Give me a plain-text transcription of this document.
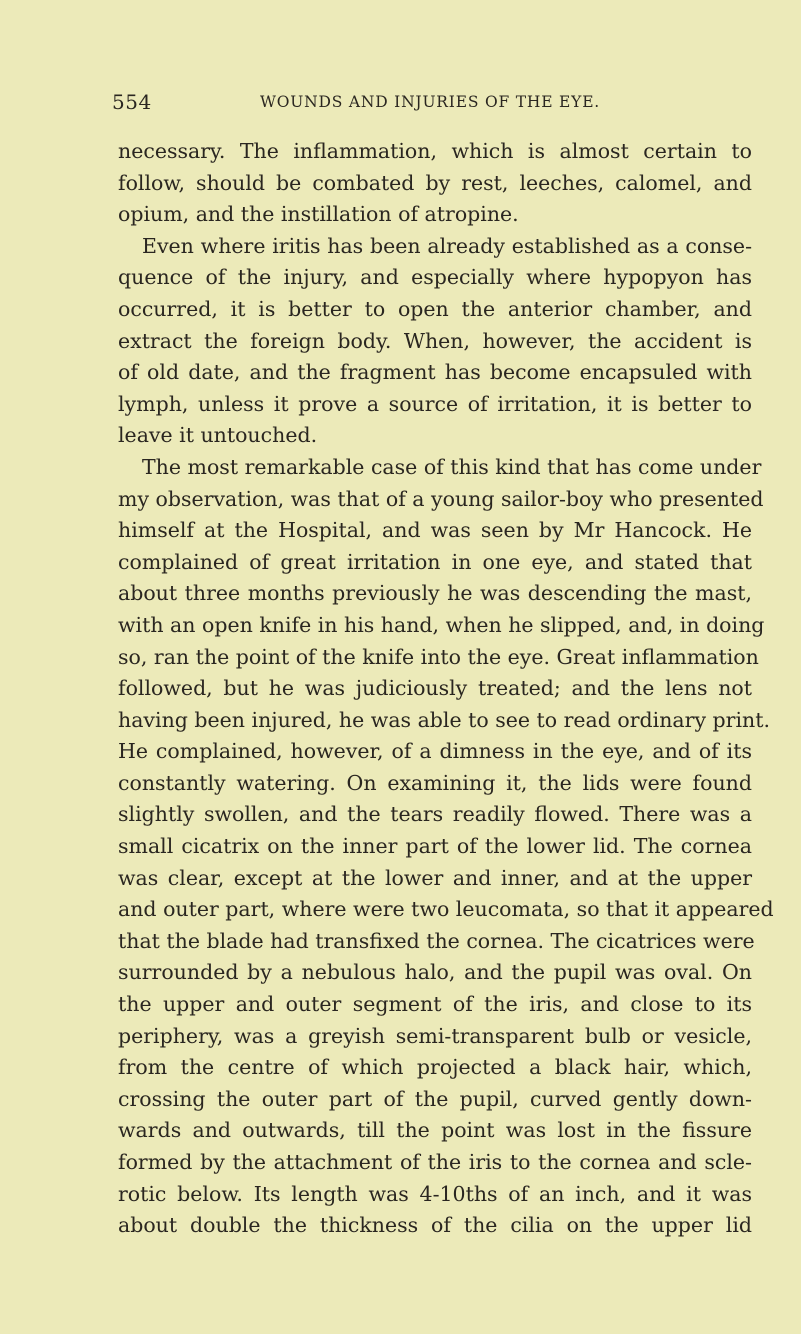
554	WOUNDS AND INJURIES OF THE EYE.
necessary. The inflammation, which is almost certain to
follow, should be combated by rest, leeches, calomel, and
opium, and the instillation of atropine.
Even where iritis has been already established as a conse-
quence of the injury, and especially where hypopyon has
occurred, it is better to open the anterior chamber, and
extract the foreign body. When, however, the accident is
of old date, and the fragment has become encapsuled with
lymph, unless it prove a source of irritation, it is better to
leave it untouched.
The most remarkable case of this kind that has come under
my observation, was that of a young sailor-boy who presented
himself at the Hospital, and was seen by Mr Hancock. He
complained of great irritation in one eye, and stated that
about three months previously he was descending the mast,
with an open knife in his hand, when he slipped, and, in doing
so, ran the point of the knife into the eye. Great inflammation
followed, but he was judiciously treated; and the lens not
having been injured, he was able to see to read ordinary print.
He complained, however, of a dimness in the eye, and of its
constantly watering. On examining it, the lids were found
slightly swollen, and the tears readily flowed. There was a
small cicatrix on the inner part of the lower lid. The cornea
was clear, except at the lower and inner, and at the upper
and outer part, where were two leucomata, so that it appeared
that the blade had transfixed the cornea. The cicatrices were
surrounded by a nebulous halo, and the pupil was oval. On
the upper and outer segment of the iris, and close to its
periphery, was a greyish semi-transparent bulb or vesicle,
from the centre of which projected a black hair, which,
crossing the outer part of the pupil, curved gently down-
wards and outwards, till the point was lost in the fissure
formed by the attachment of the iris to the cornea and scle-
rotic below. Its length was 4-10ths of an inch, and it was
about double the thickness of the cilia on the upper lid
